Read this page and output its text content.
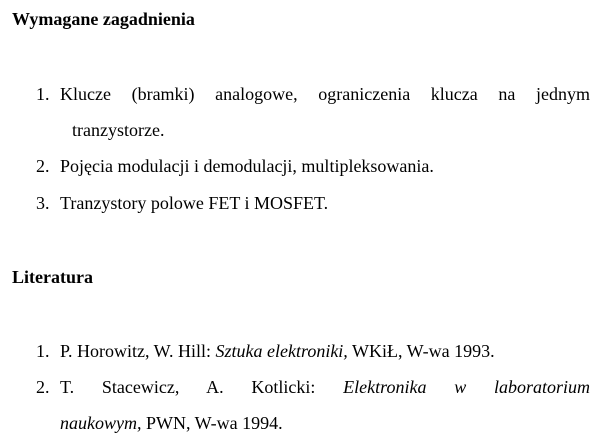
Wymagane zagadnienia
1. Klucze (bramki) analogowe, ograniczenia klucza na jednym
tranzystorze.
2. Pojęcia modulacji i demodulacji, multipleksowania.
3. Tranzystory polowe FET i MOSFET.
Literatura
1. P. Horowitz, W. Hill: Sztuka elektroniki, WKiŁ, W-wa 1993.
2. T. Stacewicz, A. Kotlicki: Elektronika w laboratorium
naukowym, PWN, W-wa 1994.
